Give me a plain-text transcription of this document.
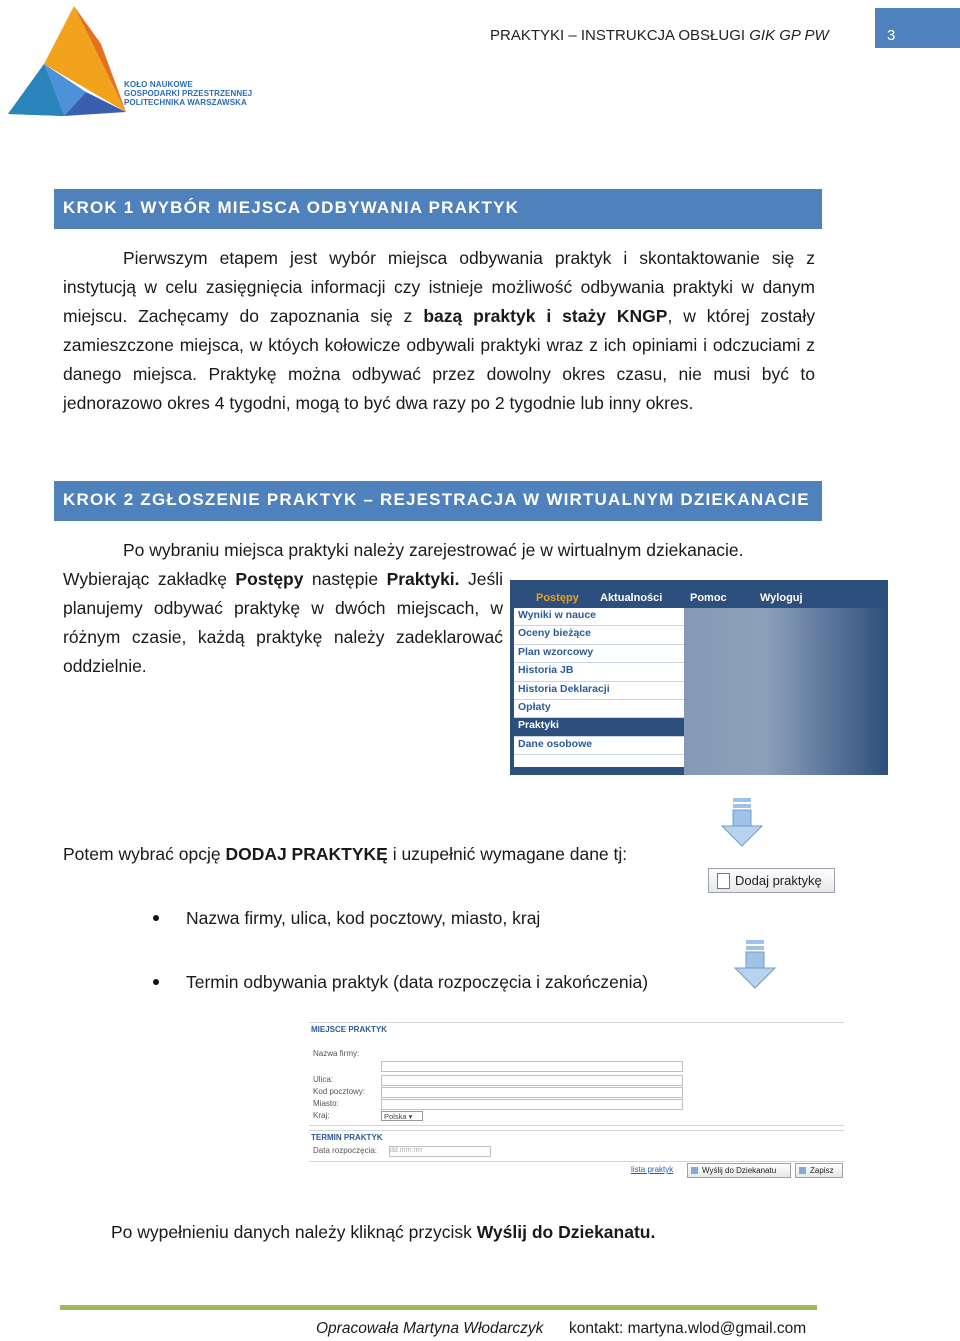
KOŁO NAUKOWE
GOSPODARKI PRZESTRZENNEJ
POLITECHNIKA WARSZAWSKA
PRAKTYKI – INSTRUKCJA OBSŁUGI GIK GP PW	3
KROK 1 WYBÓR MIEJSCA ODBYWANIA PRAKTYK
Pierwszym etapem jest wybór miejsca odbywania praktyk i skontaktowanie się z instytucją w celu zasięgnięcia informacji czy istnieje możliwość odbywania praktyki w danym miejscu. Zachęcamy do zapoznania się z bazą praktyk i staży KNGP, w której zostały zamieszczone miejsca, w któych kołowicze odbywali praktyki wraz z ich opiniami i odczuciami z danego miejsca. Praktykę można odbywać przez dowolny okres czasu, nie musi być to jednorazowo okres 4 tygodni, mogą to być dwa razy po 2 tygodnie lub inny okres.
KROK 2 ZGŁOSZENIE PRAKTYK – REJESTRACJA W WIRTUALNYM DZIEKANACIE
Po wybraniu miejsca praktyki należy zarejestrować je w wirtualnym dziekanacie.
Wybierając zakładkę Postępy następie Praktyki. Jeśli planujemy odbywać praktykę w dwóch miejscach, w różnym czasie, każdą praktykę należy zadeklarować oddzielnie.
Postępy Aktualności	Pomoc	Wyloguj
Wyniki w nauce
Oceny bieżące
Plan wzorcowy
Historia JB
Historia Deklaracji
Opłaty
Praktyki
Dane osobowe
Potem wybrać opcję DODAJ PRAKTYKĘ i uzupełnić wymagane dane tj:
Dodaj praktykę
Nazwa firmy, ulica, kod pocztowy, miasto, kraj
Termin odbywania praktyk (data rozpoczęcia i zakończenia)
MIEJSCE PRAKTYK
Nazwa firmy:
Ulica:
Kod pocztowy:
Miasto:
Kraj:	Polska ▾
TERMIN PRAKTYK
Data rozpoczęcia: dd.mm.rrrr
lista praktyk	Wyślij do Dziekanatu	Zapisz
Po wypełnieniu danych należy kliknąć przycisk Wyślij do Dziekanatu.
Opracowała Martyna Włodarczyk kontakt: martyna.wlod@gmail.com
